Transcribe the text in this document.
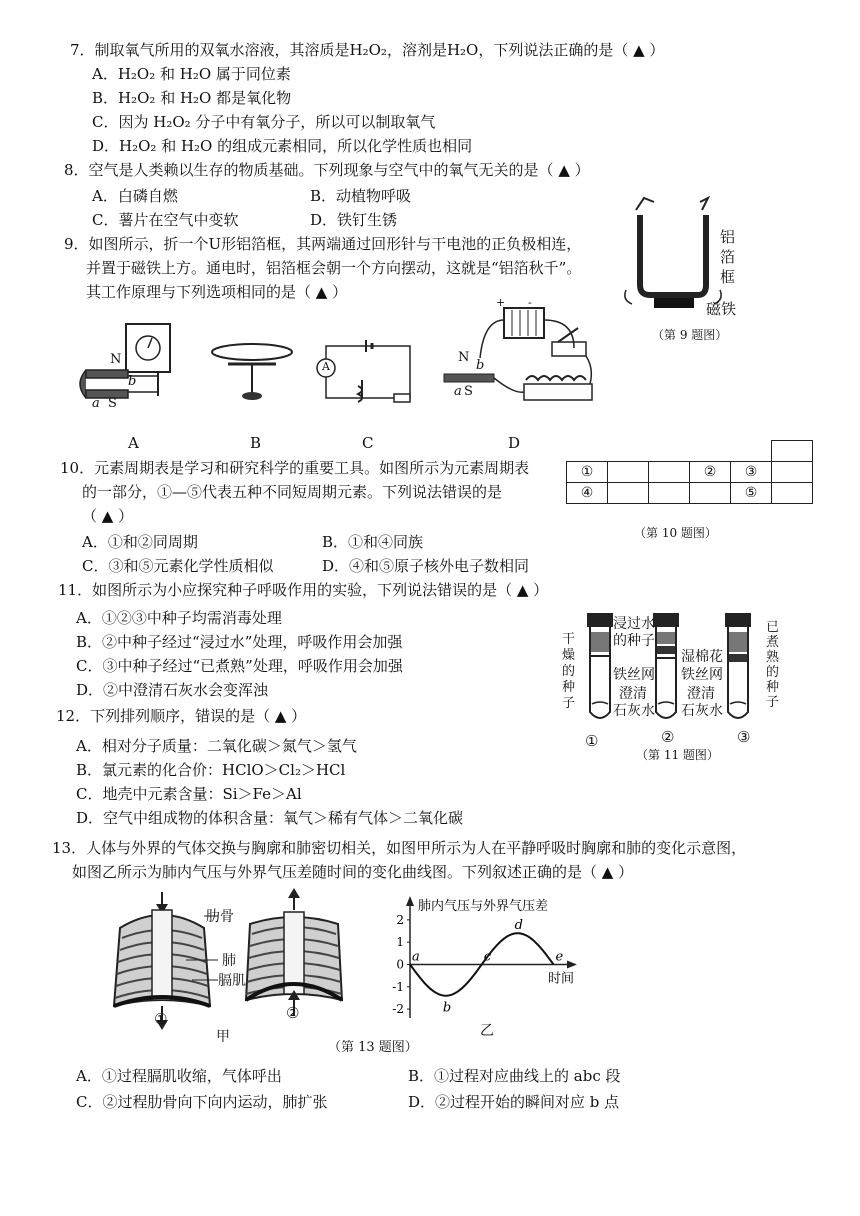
7．制取氧气所用的双氧水溶液，其溶质是H₂O₂，溶剂是H₂O，下列说法正确的是（ ▲ ）
A．H₂O₂ 和 H₂O 属于同位素
B．H₂O₂ 和 H₂O 都是氧化物
C．因为 H₂O₂ 分子中有氧分子，所以可以制取氧气
D．H₂O₂ 和 H₂O 的组成元素相同，所以化学性质也相同
8．空气是人类赖以生存的物质基础。下列现象与空气中的氧气无关的是（ ▲ ）
A．白磷自燃	B．动植物呼吸
C．薯片在空气中变软	D．铁钉生锈
9．如图所示，折一个U形铝箔框，其两端通过回形针与干电池的正负极相连，
并置于磁铁上方。通电时，铝箔框会朝一个方向摆动，这就是“铝箔秋千”。
其工作原理与下列选项相同的是（ ▲ ）
铝
箔
框
磁铁
（第 9 题图）
N
S
a
b
A
+ -
N
S
a
b
A	B	C	D
10．元素周期表是学习和研究科学的重要工具。如图所示为元素周期表
的一部分，①—⑤代表五种不同短周期元素。下列说法错误的是
（ ▲ ）
A．①和②同周期	B．①和④同族
C．③和⑤元素化学性质相似	D．④和⑤原子核外电子数相同

①			②	③	
④				⑤	
（第 10 题图）
11．如图所示为小应探究种子呼吸作用的实验，下列说法错误的是（ ▲ ）
A．①②③中种子均需消毒处理
B．②中种子经过“浸过水”处理，呼吸作用会加强
C．③中种子经过“已煮熟”处理，呼吸作用会加强
D．②中澄清石灰水会变浑浊
干
燥
的
种
子
浸过水
的种子
湿棉花
铁丝网 铁丝网
澄清
石灰水
澄清
石灰水
已
煮
熟
的
种
子
①	②	③
（第 11 题图）
12．下列排列顺序，错误的是（ ▲ ）
A．相对分子质量：二氧化碳＞氮气＞氢气
B．氯元素的化合价：HClO＞Cl₂＞HCl
C．地壳中元素含量：Si＞Fe＞Al
D．空气中组成物的体积含量：氧气＞稀有气体＞二氧化碳
13．人体与外界的气体交换与胸廓和肺密切相关，如图甲所示为人在平静呼吸时胸廓和肺的变化示意图，
如图乙所示为肺内气压与外界气压差随时间的变化曲线图。下列叙述正确的是（ ▲ ）
肋骨
肺
膈肌
①	②
甲
2
1
0
-1
-2
a
b
c
d
e
肺内气压与外界气压差
时间
乙
（第 13 题图）
A．①过程膈肌收缩，气体呼出	B．①过程对应曲线上的 abc 段
C．②过程肋骨向下向内运动，肺扩张	D．②过程开始的瞬间对应 b 点
